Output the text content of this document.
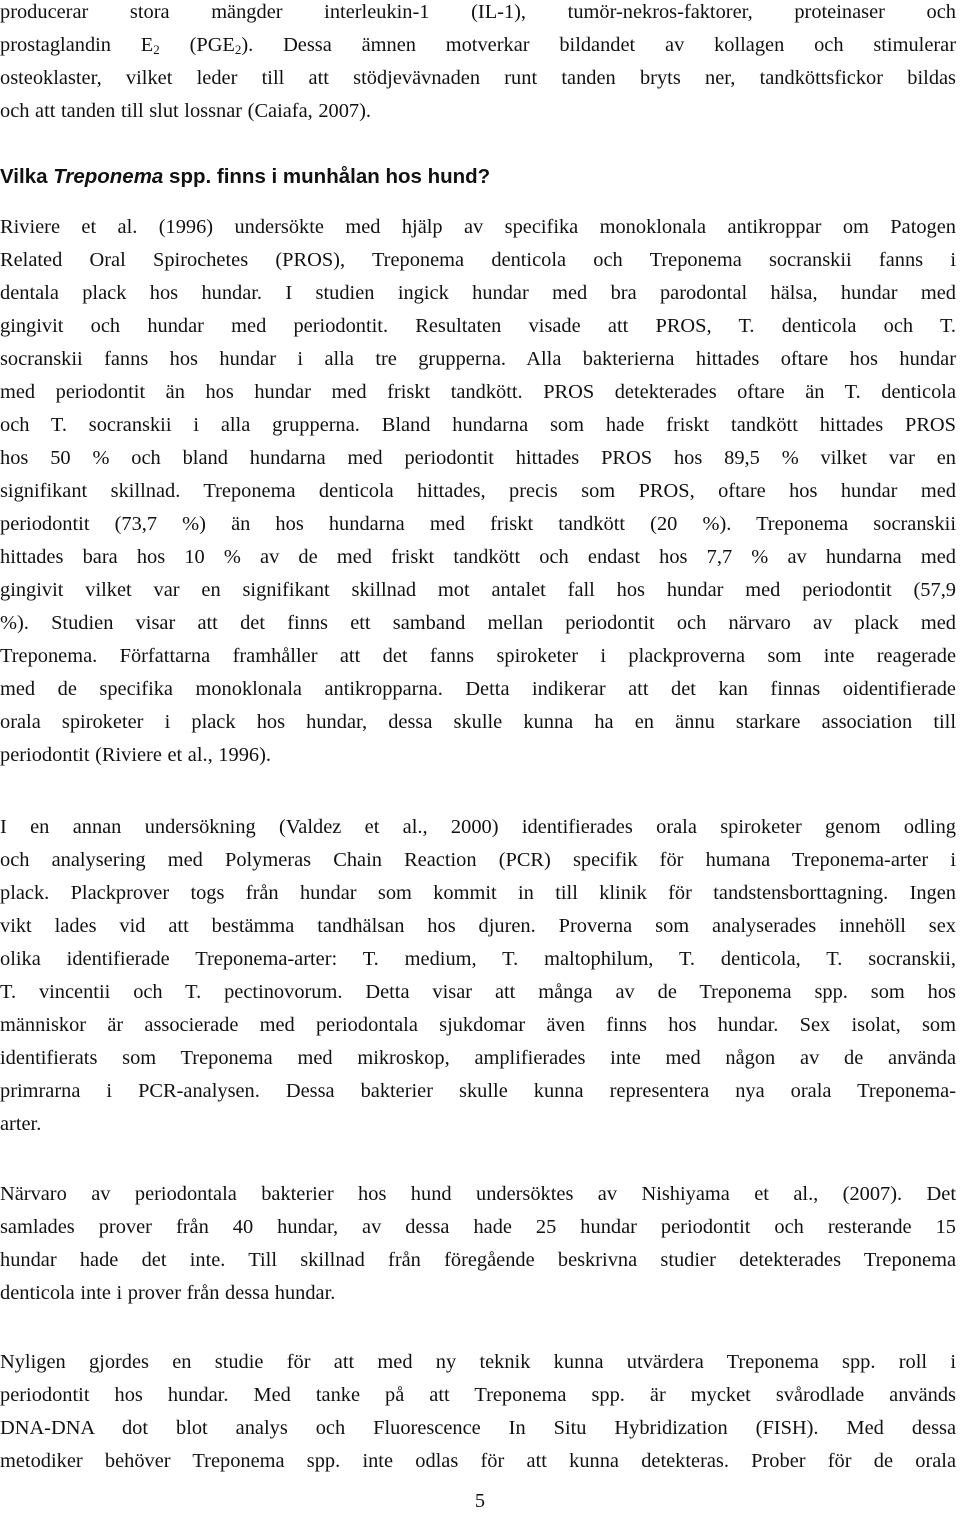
producerar stora mängder interleukin-1 (IL-1), tumör-nekros-faktorer, proteinaser och
prostaglandin $E_2$ $(PGE_2)$. Dessa ämnen motverkar bildandet av kollagen och stimulerar
osteoklaster, vilket leder till att stödjevävnaden runt tanden bryts ner, tandköttsfickor bildas
och att tanden till slut lossnar (Caiafa, 2007).
Vilka Treponema spp. finns i munhålan hos hund?
Riviere et al. (1996) undersökte med hjälp av specifika monoklonala antikroppar om Patogen
Related Oral Spirochetes (PROS), Treponema denticola och Treponema socranskii fanns i
dentala plack hos hundar. I studien ingick hundar med bra parodontal hälsa, hundar med
gingivit och hundar med periodontit. Resultaten visade att PROS, T. denticola och T.
socranskii fanns hos hundar i alla tre grupperna. Alla bakterierna hittades oftare hos hundar
med periodontit än hos hundar med friskt tandkött. PROS detekterades oftare än T. denticola
och T. socranskii i alla grupperna. Bland hundarna som hade friskt tandkött hittades PROS
hos 50 % och bland hundarna med periodontit hittades PROS hos 89,5 % vilket var en
signifikant skillnad. Treponema denticola hittades, precis som PROS, oftare hos hundar med
periodontit (73,7 %) än hos hundarna med friskt tandkött (20 %). Treponema socranskii
hittades bara hos 10 % av de med friskt tandkött och endast hos 7,7 % av hundarna med
gingivit vilket var en signifikant skillnad mot antalet fall hos hundar med periodontit (57,9
%). Studien visar att det finns ett samband mellan periodontit och närvaro av plack med
Treponema. Författarna framhåller att det fanns spiroketer i plackproverna som inte reagerade
med de specifika monoklonala antikropparna. Detta indikerar att det kan finnas oidentifierade
orala spiroketer i plack hos hundar, dessa skulle kunna ha en ännu starkare association till
periodontit (Riviere et al., 1996).
I en annan undersökning (Valdez et al., 2000) identifierades orala spiroketer genom odling
och analysering med Polymeras Chain Reaction (PCR) specifik för humana Treponema-arter i
plack. Plackprover togs från hundar som kommit in till klinik för tandstensborttagning. Ingen
vikt lades vid att bestämma tandhälsan hos djuren. Proverna som analyserades innehöll sex
olika identifierade Treponema-arter: T. medium, T. maltophilum, T. denticola, T. socranskii,
T. vincentii och T. pectinovorum. Detta visar att många av de Treponema spp. som hos
människor är associerade med periodontala sjukdomar även finns hos hundar. Sex isolat, som
identifierats som Treponema med mikroskop, amplifierades inte med någon av de använda
primrarna i PCR-analysen. Dessa bakterier skulle kunna representera nya orala Treponema-
arter.
Närvaro av periodontala bakterier hos hund undersöktes av Nishiyama et al., (2007). Det
samlades prover från 40 hundar, av dessa hade 25 hundar periodontit och resterande 15
hundar hade det inte. Till skillnad från föregående beskrivna studier detekterades Treponema
denticola inte i prover från dessa hundar.
Nyligen gjordes en studie för att med ny teknik kunna utvärdera Treponema spp. roll i
periodontit hos hundar. Med tanke på att Treponema spp. är mycket svårodlade används
DNA-DNA dot blot analys och Fluorescence In Situ Hybridization (FISH). Med dessa
metodiker behöver Treponema spp. inte odlas för att kunna detekteras. Prober för de orala
5
